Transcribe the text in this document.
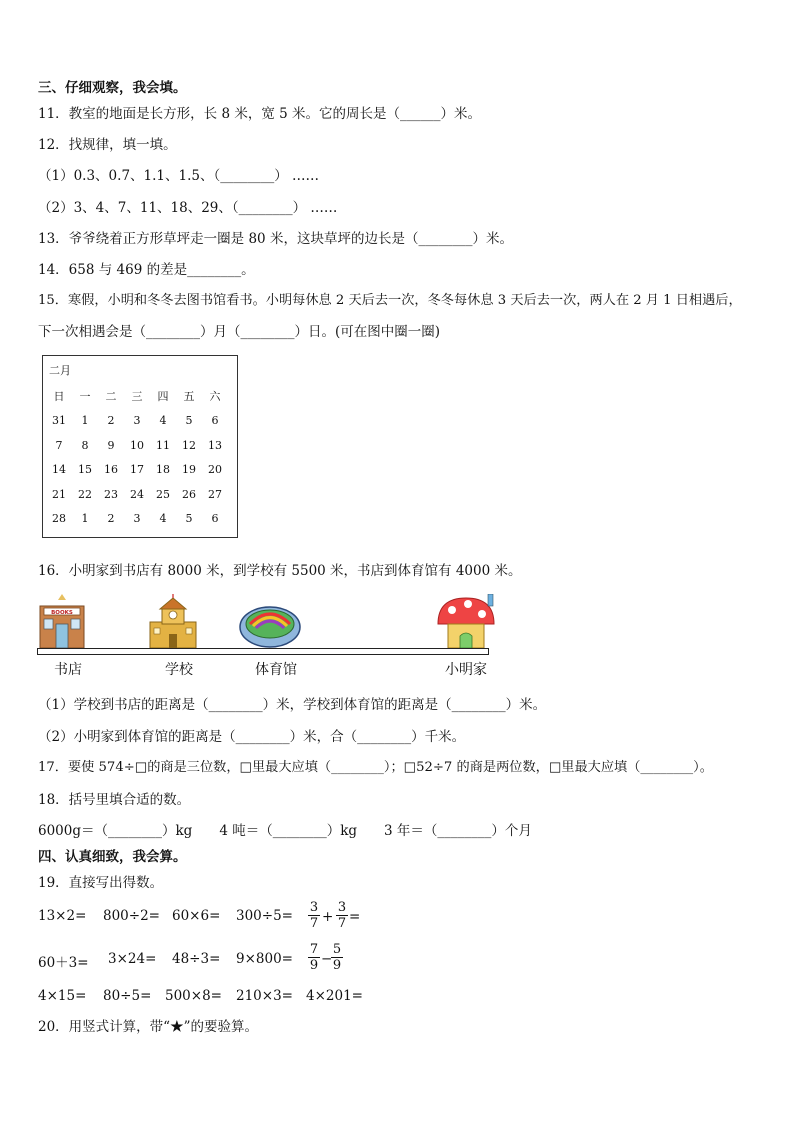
三、仔细观察，我会填。
11．教室的地面是长方形，长 8 米，宽 5 米。它的周长是（______）米。
12．找规律，填一填。
（1）0.3、0.7、1.1、1.5、（________） ……
（2）3、4、7、11、18、29、（________） ……
13．爷爷绕着正方形草坪走一圈是 80 米，这块草坪的边长是（________）米。
14．658 与 469 的差是________。
15．寒假，小明和冬冬去图书馆看书。小明每休息 2 天后去一次，冬冬每休息 3 天后去一次，两人在 2 月 1 日相遇后，
下一次相遇会是（________）月（________）日。(可在图中圈一圈)
二月
日	一	二	三	四	五	六
31	1	2	3	4	5	6
7	8	9	10	11	12	13
14	15	16	17	18	19	20
21	22	23	24	25	26	27
28	1	2	3	4	5	6
16．小明家到书店有 8000 米，到学校有 5500 米，书店到体育馆有 4000 米。
BOOKS
书店	学校	体育馆	小明家
（1）学校到书店的距离是（________）米，学校到体育馆的距离是（________）米。
（2）小明家到体育馆的距离是（________）米，合（________）千米。
17．要使 574÷□的商是三位数，□里最大应填（________）；□52÷7 的商是两位数，□里最大应填（________）。
18．括号里填合适的数。
6000g＝（________）kg　　4 吨＝（________）kg　　3 年＝（________）个月
四、认真细致，我会算。
19．直接写出得数。
$13\times 2= 800\div 2= 60\times 6= 300\div 5= \frac{3}{7} + \frac{3}{7}$ =
$60+3= 3\times 24= 48\div 3= 9\times 800= \frac{7}{9}$ −
$\frac{5}{9}$
4×15= 80÷5= 500×8= 210×3= 4×201=
20．用竖式计算，带“★”的要验算。
